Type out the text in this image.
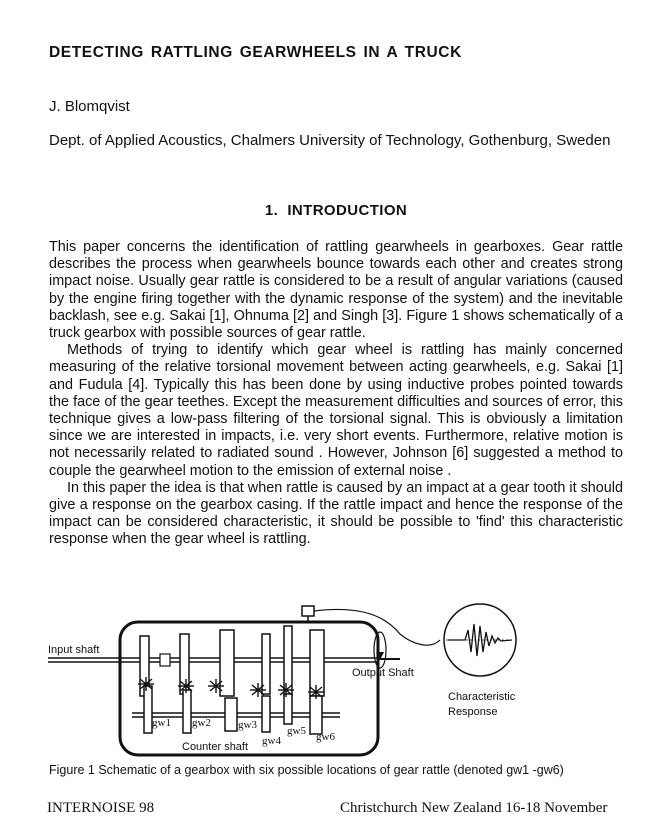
DETECTING RATTLING GEARWHEELS IN A TRUCK
J. Blomqvist
Dept. of Applied Acoustics, Chalmers University of Technology, Gothenburg, Sweden
1. INTRODUCTION

This paper concerns the identification of rattling gearwheels in gearboxes. Gear rattle describes the process when gearwheels bounce towards each other and creates strong impact noise. Usually gear rattle is considered to be a result of angular variations (caused by the engine firing together with the dynamic response of the system) and the inevitable backlash, see e.g. Sakai [1], Ohnuma [2] and Singh [3]. Figure 1 shows schematically of a truck gearbox with possible sources of gear rattle.

Methods of trying to identify which gear wheel is rattling has mainly concerned measuring of the relative torsional movement between acting gearwheels, e.g. Sakai [1] and Fudula [4]. Typically this has been done by using inductive probes pointed towards the face of the gear teethes. Except the measurement difficulties and sources of error, this technique gives a low-pass filtering of the torsional signal. This is obviously a limitation since we are interested in impacts, i.e. very short events. Furthermore, relative motion is not necessarily related to radiated sound . However, Johnson [6] suggested a method to couple the gearwheel motion to the emission of external noise .

In this paper the idea is that when rattle is caused by an impact at a gear tooth it should give a response on the gearbox casing. If the rattle impact and hence the response of the impact can be considered characteristic, it should be possible to 'find' this characteristic response when the gear wheel is rattling.

Input shaft
Output Shaft
Counter shaft
gw1 gw2 gw3
gw4
gw5 gw6
Characteristic
Response
Figure 1 Schematic of a gearbox with six possible locations of gear rattle (denoted gw1 -gw6)
INTERNOISE 98	Christchurch New Zealand 16-18 November
